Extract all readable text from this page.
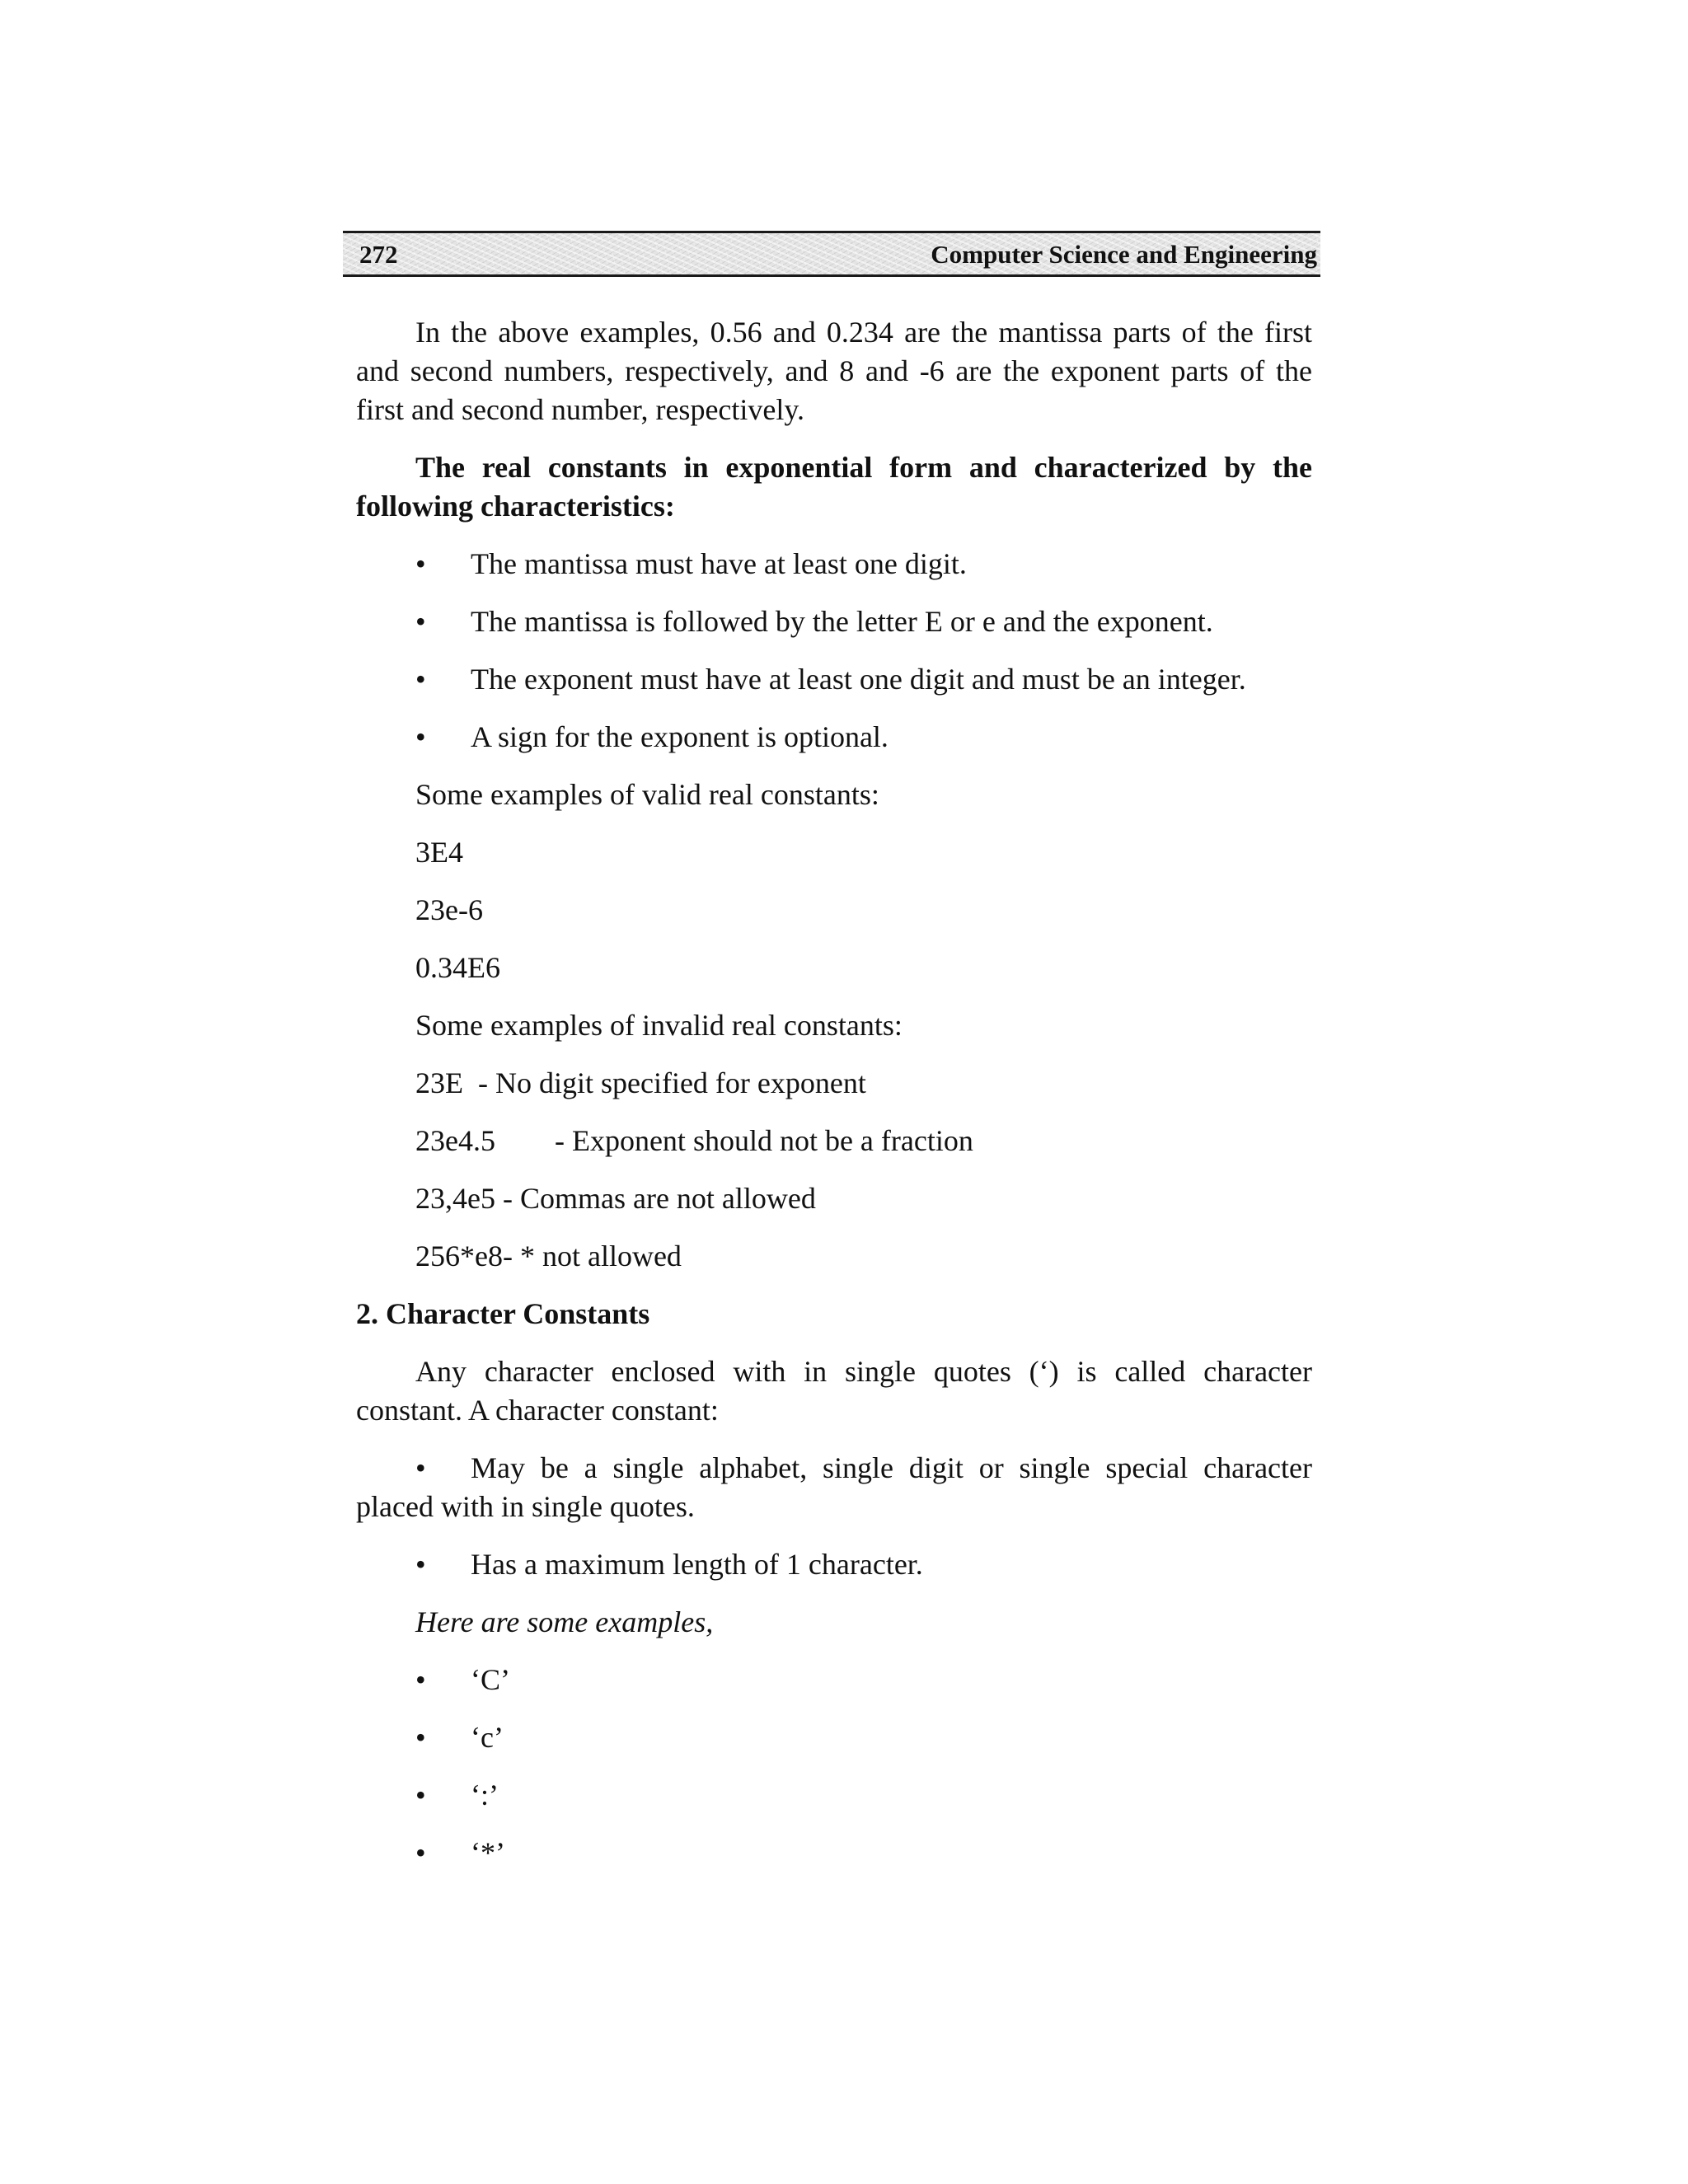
272	Computer Science and Engineering

In the above examples, 0.56 and 0.234 are the mantissa parts of the first and second numbers, respectively, and 8 and -6 are the exponent parts of the first and second number, respectively.

The real constants in exponential form and characterized by the following characteristics:

• The mantissa must have at least one digit.
• The mantissa is followed by the letter E or e and the exponent.
• The exponent must have at least one digit and must be an integer.
• A sign for the exponent is optional.
Some examples of valid real constants:
3E4
23e-6
0.34E6
Some examples of invalid real constants:
23E  - No digit specified for exponent
23e4.5        - Exponent should not be a fraction
23,4e5 - Commas are not allowed
256*e8- * not allowed
2. Character Constants

Any character enclosed with in single quotes (‘) is called character constant. A character constant:

• May be a single alphabet, single digit or single special character placed with in single quotes.
• Has a maximum length of 1 character.

Here are some examples,

• ‘C’
• ‘c’
• ‘:’
• ‘*’
